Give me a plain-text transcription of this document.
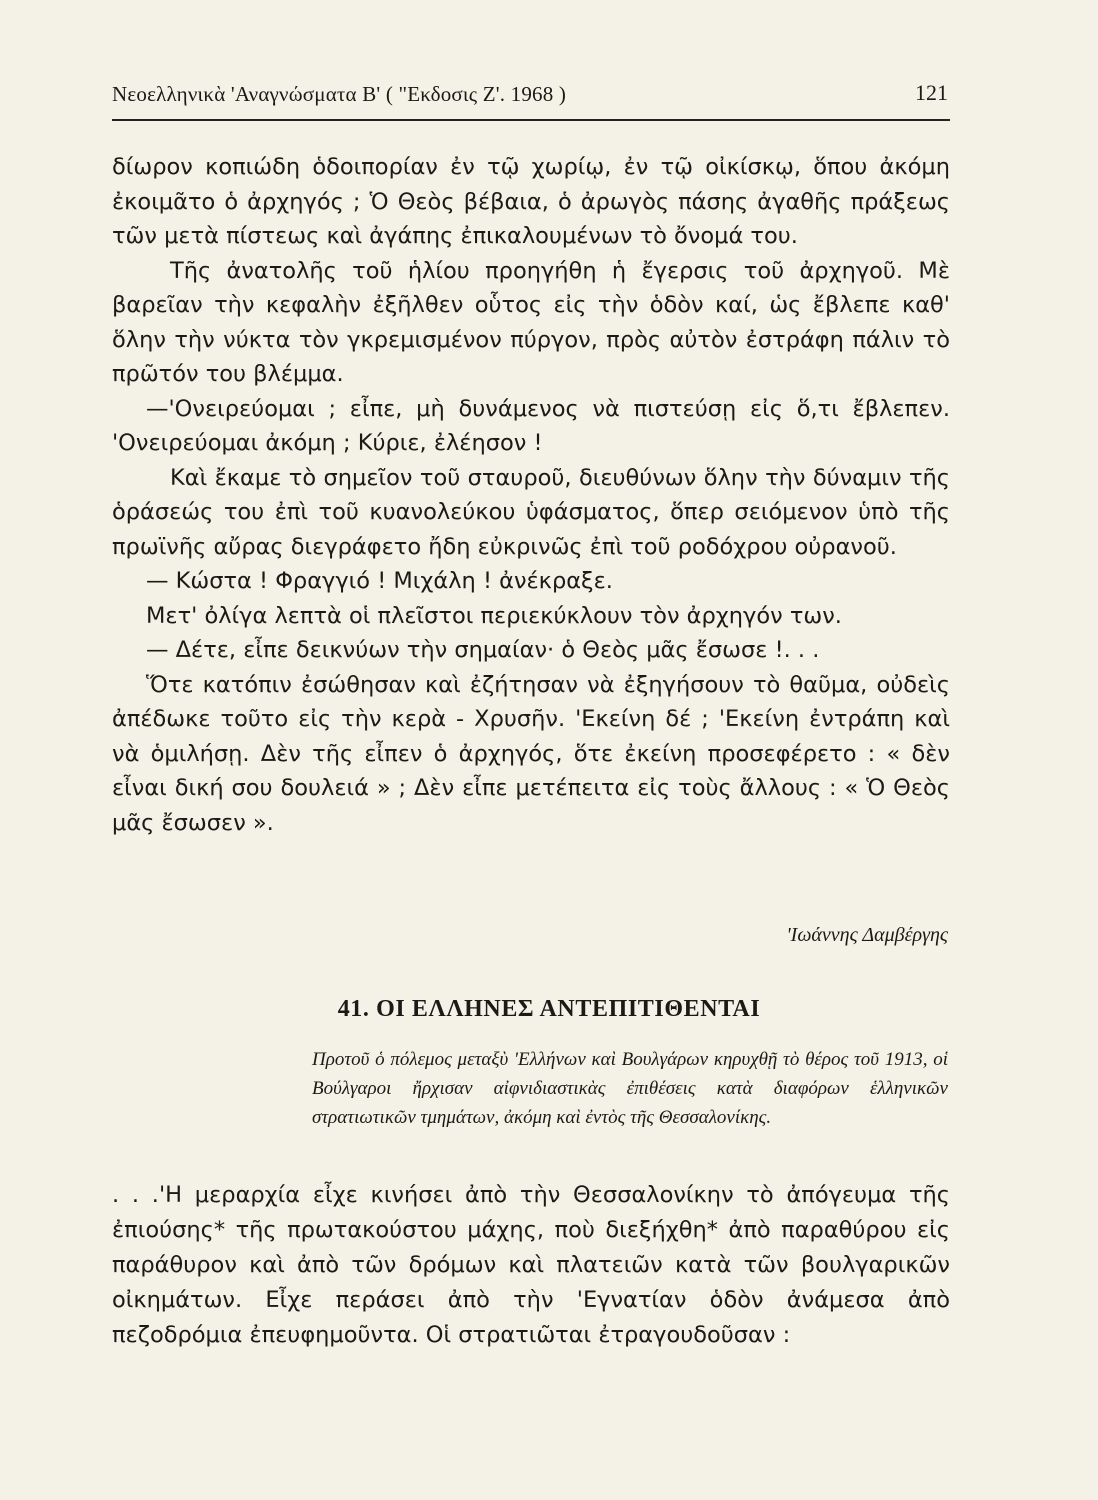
Νεοελληνικὰ 'Αναγνώσματα Β' ( "Εκδοσις Ζ'. 1968 )	121

δίωρον κοπιώδη ὁδοιπορίαν ἐν τῷ χωρίῳ, ἐν τῷ οἰκίσκῳ, ὅπου ἀκόμη ἐκοιμᾶτο ὁ ἀρχηγός ; Ὁ Θεὸς βέβαια, ὁ ἀρωγὸς πάσης ἀγαθῆς πράξεως τῶν μετὰ πίστεως καὶ ἀγάπης ἐπικαλουμένων τὸ ὄνομά του.

Τῆς ἀνατολῆς τοῦ ἡλίου προηγήθη ἡ ἔγερσις τοῦ ἀρχηγοῦ. Μὲ βαρεῖαν τὴν κεφαλὴν ἐξῆλθεν οὗτος εἰς τὴν ὁδὸν καί, ὡς ἔβλεπε καθ' ὅλην τὴν νύκτα τὸν γκρεμισμένον πύργον, πρὸς αὐτὸν ἐστράφη πάλιν τὸ πρῶτόν του βλέμμα.

—'Ονειρεύομαι ; εἶπε, μὴ δυνάμενος νὰ πιστεύσῃ εἰς ὅ,τι ἔβλεπεν. 'Ονειρεύομαι ἀκόμη ; Κύριε, ἐλέησον !

Καὶ ἔκαμε τὸ σημεῖον τοῦ σταυροῦ, διευθύνων ὅλην τὴν δύναμιν τῆς ὁράσεώς του ἐπὶ τοῦ κυανολεύκου ὑφάσματος, ὅπερ σειόμενον ὑπὸ τῆς πρωϊνῆς αὔρας διεγράφετο ἤδη εὐκρινῶς ἐπὶ τοῦ ροδόχρου οὐρανοῦ.

— Κώστα ! Φραγγιό ! Μιχάλη ! ἀνέκραξε.

Μετ' ὀλίγα λεπτὰ οἱ πλεῖστοι περιεκύκλουν τὸν ἀρχηγόν των.

— Δέτε, εἶπε δεικνύων τὴν σημαίαν· ὁ Θεὸς μᾶς ἔσωσε !. . .

Ὅτε κατόπιν ἐσώθησαν καὶ ἐζήτησαν νὰ ἐξηγήσουν τὸ θαῦμα, οὐδεὶς ἀπέδωκε τοῦτο εἰς τὴν κερὰ - Χρυσῆν. 'Εκείνη δέ ; 'Εκείνη ἐντράπη καὶ νὰ ὁμιλήσῃ. Δὲν τῆς εἶπεν ὁ ἀρχηγός, ὅτε ἐκείνη προσεφέρετο : « δὲν εἶναι δική σου δουλειά » ; Δὲν εἶπε μετέπειτα εἰς τοὺς ἄλλους : « Ὁ Θεὸς μᾶς ἔσωσεν ».

'Ιωάννης Δαμβέργης
41. ΟΙ ΕΛΛΗΝΕΣ ΑΝΤΕΠΙΤΙΘΕΝΤΑΙ

Προτοῦ ὁ πόλεμος μεταξὺ 'Ελλήνων καὶ Βουλγάρων κηρυχθῇ τὸ θέρος τοῦ 1913, οἱ Βούλγαροι ἤρχισαν αἰφνιδιαστικὰς ἐπιθέσεις κατὰ διαφόρων ἑλληνικῶν στρατιωτικῶν τμημάτων, ἀκόμη καὶ ἐντὸς τῆς Θεσσαλονίκης.

. . .'Η μεραρχία εἶχε κινήσει ἀπὸ τὴν Θεσσαλονίκην τὸ ἀπόγευμα τῆς ἐπιούσης* τῆς πρωτακούστου μάχης, ποὺ διεξήχθη* ἀπὸ παραθύρου εἰς παράθυρον καὶ ἀπὸ τῶν δρόμων καὶ πλατειῶν κατὰ τῶν βουλγαρικῶν οἰκημάτων. Εἶχε περάσει ἀπὸ τὴν 'Εγνατίαν ὁδὸν ἀνάμεσα ἀπὸ πεζοδρόμια ἐπευφημοῦντα. Οἱ στρατιῶται ἐτραγουδοῦσαν :
